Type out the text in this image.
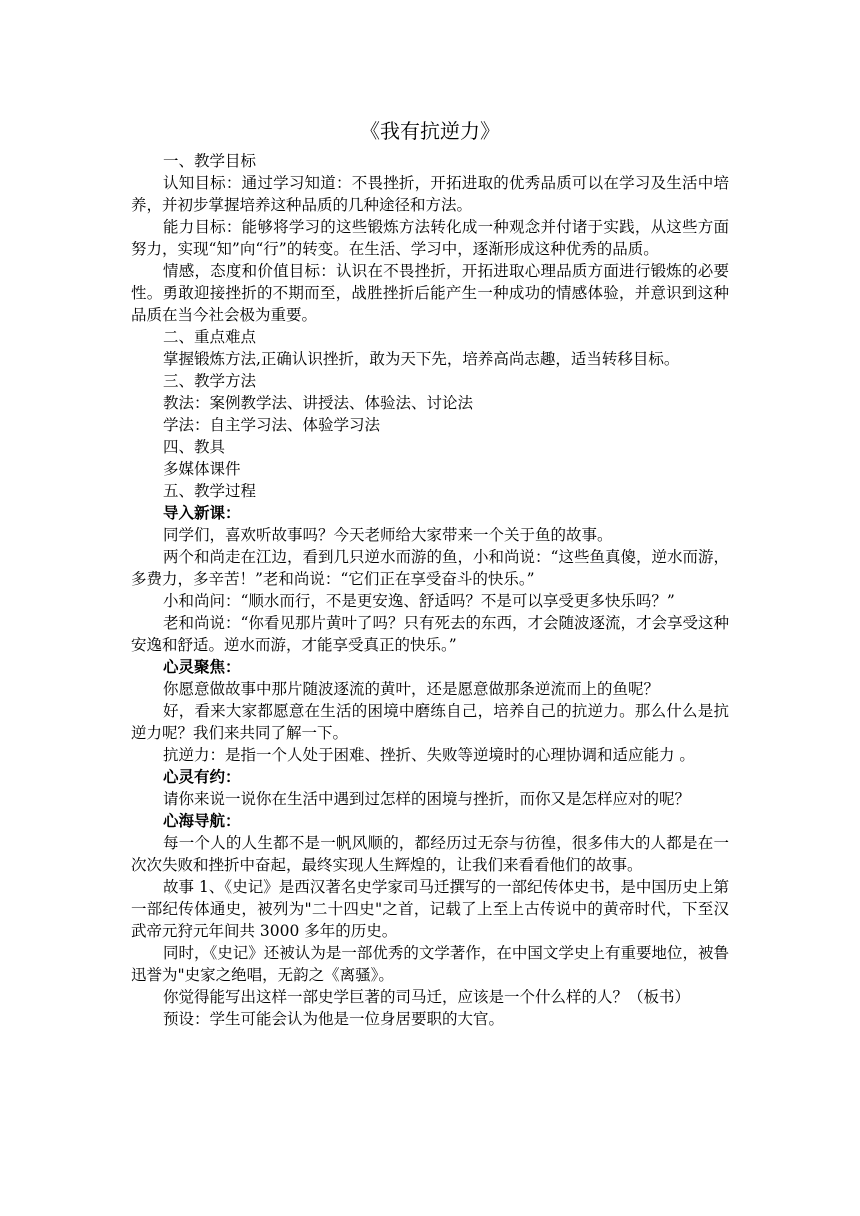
《我有抗逆力》

一、教学目标

认知目标：通过学习知道：不畏挫折，开拓进取的优秀品质可以在学习及生活中培养，并初步掌握培养这种品质的几种途径和方法。

能力目标：能够将学习的这些锻炼方法转化成一种观念并付诸于实践，从这些方面努力，实现“知”向“行”的转变。在生活、学习中，逐渐形成这种优秀的品质。

情感，态度和价值目标：认识在不畏挫折，开拓进取心理品质方面进行锻炼的必要性。勇敢迎接挫折的不期而至，战胜挫折后能产生一种成功的情感体验，并意识到这种品质在当今社会极为重要。

二、重点难点

掌握锻炼方法,正确认识挫折，敢为天下先，培养高尚志趣，适当转移目标。

三、教学方法

教法：案例教学法、讲授法、体验法、讨论法

学法：自主学习法、体验学习法

四、教具

多媒体课件

五、教学过程

导入新课：

同学们，喜欢听故事吗？今天老师给大家带来一个关于鱼的故事。

两个和尚走在江边，看到几只逆水而游的鱼，小和尚说：“这些鱼真傻，逆水而游，多费力，多辛苦！”老和尚说：“它们正在享受奋斗的快乐。”

小和尚问：“顺水而行，不是更安逸、舒适吗？不是可以享受更多快乐吗？”

老和尚说：“你看见那片黄叶了吗？只有死去的东西，才会随波逐流，才会享受这种安逸和舒适。逆水而游，才能享受真正的快乐。”

心灵聚焦：

你愿意做故事中那片随波逐流的黄叶，还是愿意做那条逆流而上的鱼呢？

好，看来大家都愿意在生活的困境中磨练自己，培养自己的抗逆力。那么什么是抗逆力呢？我们来共同了解一下。

抗逆力：是指一个人处于困难、挫折、失败等逆境时的心理协调和适应能力 。

心灵有约：

请你来说一说你在生活中遇到过怎样的困境与挫折，而你又是怎样应对的呢？

心海导航：

每一个人的人生都不是一帆风顺的，都经历过无奈与彷徨，很多伟大的人都是在一次次失败和挫折中奋起，最终实现人生辉煌的，让我们来看看他们的故事。

故事 1、《史记》是西汉著名史学家司马迁撰写的一部纪传体史书，是中国历史上第一部纪传体通史，被列为"二十四史"之首，记载了上至上古传说中的黄帝时代，下至汉武帝元狩元年间共 3000 多年的历史。

同时，《史记》还被认为是一部优秀的文学著作，在中国文学史上有重要地位，被鲁迅誉为"史家之绝唱，无韵之《离骚》。

你觉得能写出这样一部史学巨著的司马迁，应该是一个什么样的人？（板书）

预设：学生可能会认为他是一位身居要职的大官。
